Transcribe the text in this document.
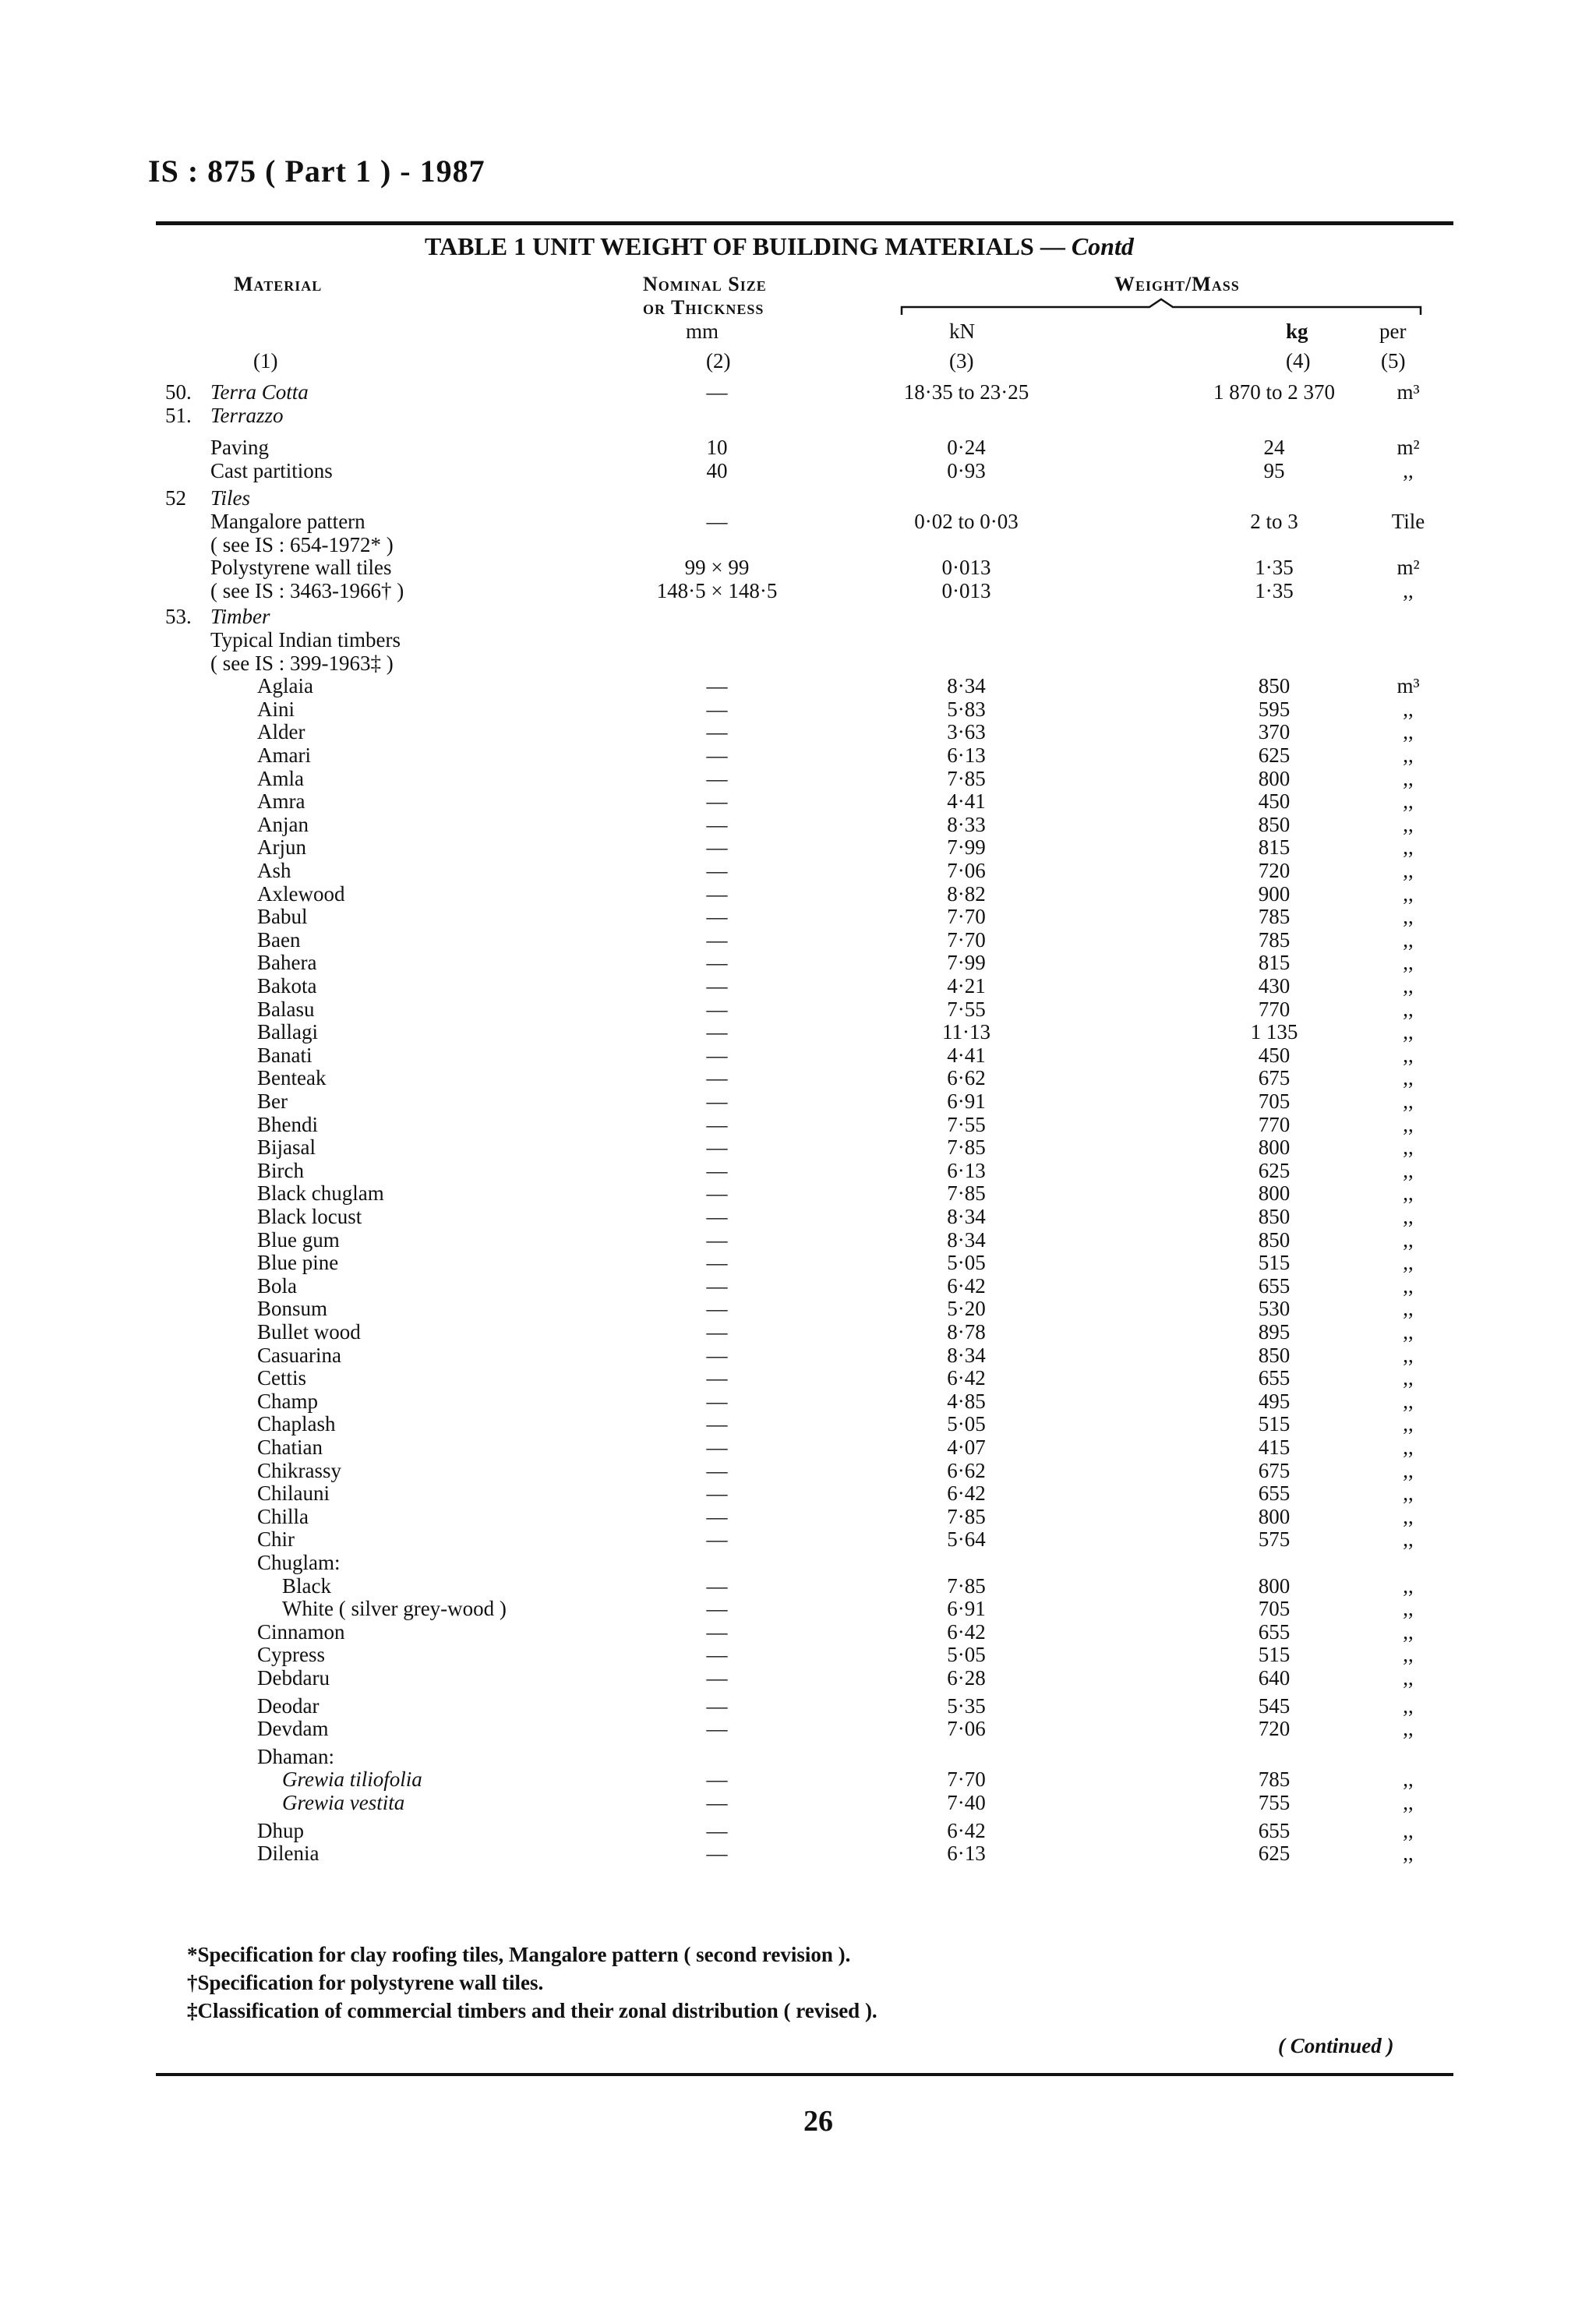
IS : 875 ( Part 1 ) - 1987
TABLE 1 UNIT WEIGHT OF BUILDING MATERIALS — Contd
Material	Nominal Size
or Thickness
mm
Weight/Mass
kN	kg	per
(1)	(2)	(3)	(4)	(5)
50. Terra Cotta	—	18·35 to 23·25	1 870 to 2 370	m³
51. Terrazzo
Paving	10	0·24	24	m²
Cast partitions	40	0·93	95	,,
52 Tiles
Mangalore pattern	—	0·02 to 0·03	2 to 3	Tile
( see IS : 654-1972* )
Polystyrene wall tiles	99 × 99	0·013	1·35	m²
( see IS : 3463-1966† )	148·5 × 148·5	0·013	1·35	,,
53. Timber
Typical Indian timbers
( see IS : 399-1963‡ )
Aglaia	—	8·34	850	m³
Aini	—	5·83	595	,,
Alder	—	3·63	370	,,
Amari	—	6·13	625	,,
Amla	—	7·85	800	,,
Amra	—	4·41	450	,,
Anjan	—	8·33	850	,,
Arjun	—	7·99	815	,,
Ash	—	7·06	720	,,
Axlewood	—	8·82	900	,,
Babul	—	7·70	785	,,
Baen	—	7·70	785	,,
Bahera	—	7·99	815	,,
Bakota	—	4·21	430	,,
Balasu	—	7·55	770	,,
Ballagi	—	11·13	1 135	,,
Banati	—	4·41	450	,,
Benteak	—	6·62	675	,,
Ber	—	6·91	705	,,
Bhendi	—	7·55	770	,,
Bijasal	—	7·85	800	,,
Birch	—	6·13	625	,,
Black chuglam	—	7·85	800	,,
Black locust	—	8·34	850	,,
Blue gum	—	8·34	850	,,
Blue pine	—	5·05	515	,,
Bola	—	6·42	655	,,
Bonsum	—	5·20	530	,,
Bullet wood	—	8·78	895	,,
Casuarina	—	8·34	850	,,
Cettis	—	6·42	655	,,
Champ	—	4·85	495	,,
Chaplash	—	5·05	515	,,
Chatian	—	4·07	415	,,
Chikrassy	—	6·62	675	,,
Chilauni	—	6·42	655	,,
Chilla	—	7·85	800	,,
Chir	—	5·64	575	,,
Chuglam:
Black	—	7·85	800	,,
White ( silver grey-wood )	—	6·91	705	,,
Cinnamon	—	6·42	655	,,
Cypress	—	5·05	515	,,
Debdaru	—	6·28	640	,,
Deodar	—	5·35	545	,,
Devdam	—	7·06	720	,,
Dhaman:
Grewia tiliofolia	—	7·70	785	,,
Grewia vestita	—	7·40	755	,,
Dhup	—	6·42	655	,,
Dilenia	—	6·13	625	,,
*Specification for clay roofing tiles, Mangalore pattern ( second revision ).
†Specification for polystyrene wall tiles.
‡Classification of commercial timbers and their zonal distribution ( revised ).
( Continued )
26
